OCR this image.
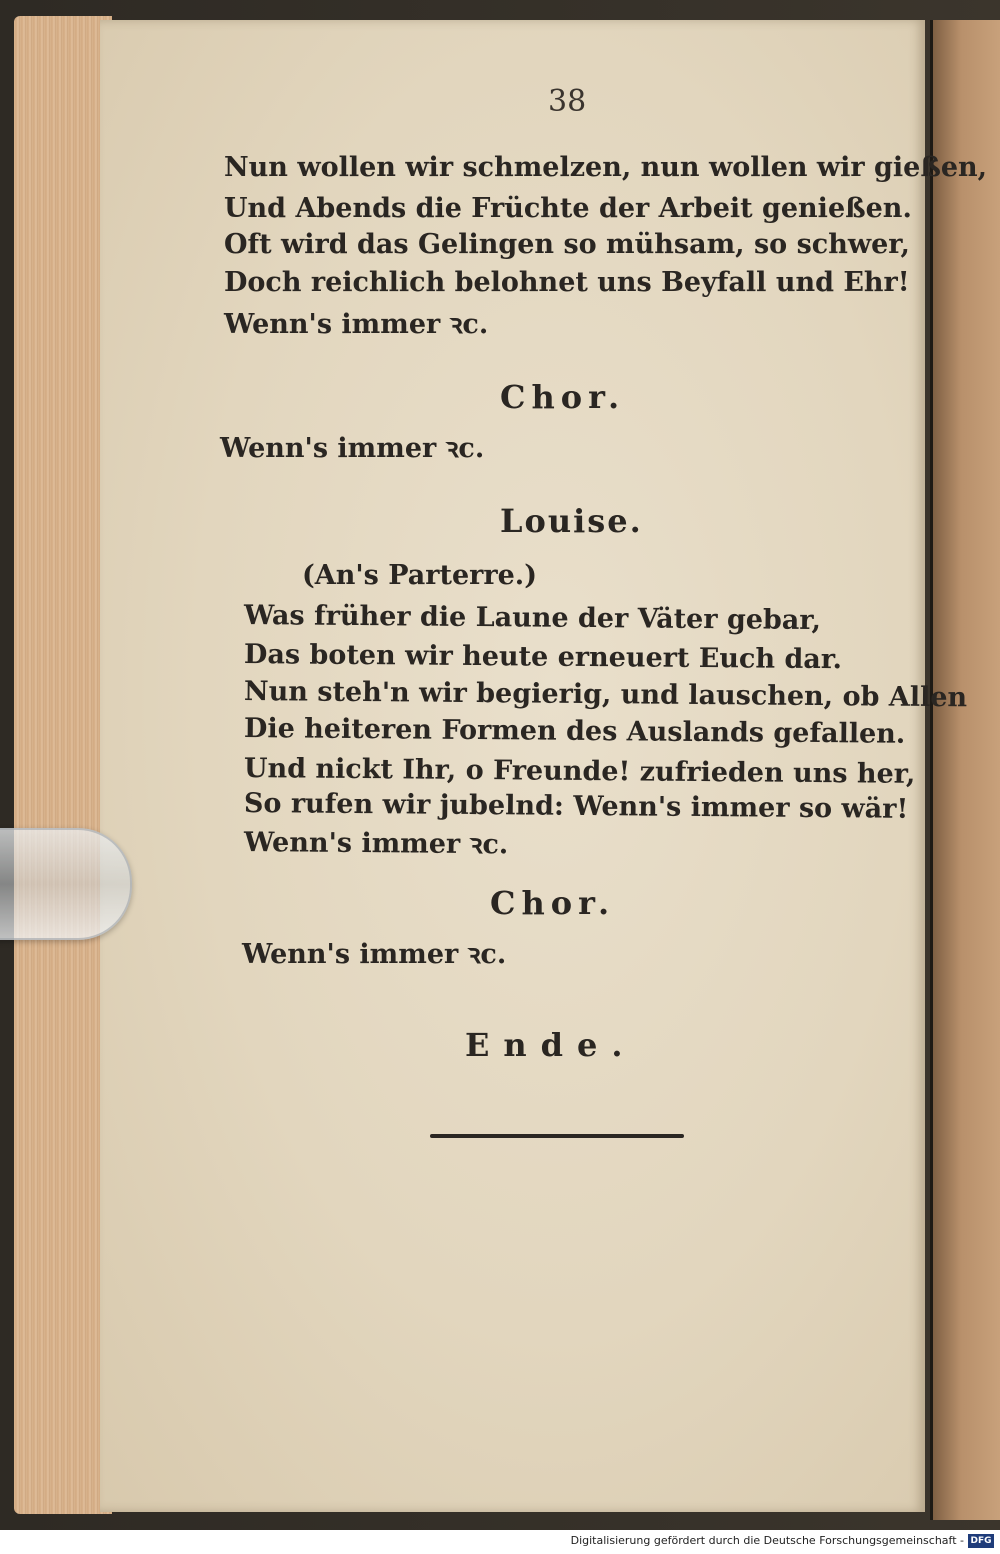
38
Nun wollen wir schmelzen, nun wollen wir gießen,
Und Abends die Früchte der Arbeit genießen.
Oft wird das Gelingen so mühsam, so schwer,
Doch reichlich belohnet uns Beyfall und Ehr!
Wenn's immer ꝛc.
Chor.
Wenn's immer ꝛc.
Louise.
(An's Parterre.)
Was früher die Laune der Väter gebar,
Das boten wir heute erneuert Euch dar.
Nun steh'n wir begierig, und lauschen, ob Allen
Die heiteren Formen des Auslands gefallen.
Und nickt Ihr, o Freunde! zufrieden uns her,
So rufen wir jubelnd: Wenn's immer so wär!
Wenn's immer ꝛc.
Chor.
Wenn's immer ꝛc.
Ende.
Digitalisierung gefördert durch die Deutsche Forschungsgemeinschaft - DFG
